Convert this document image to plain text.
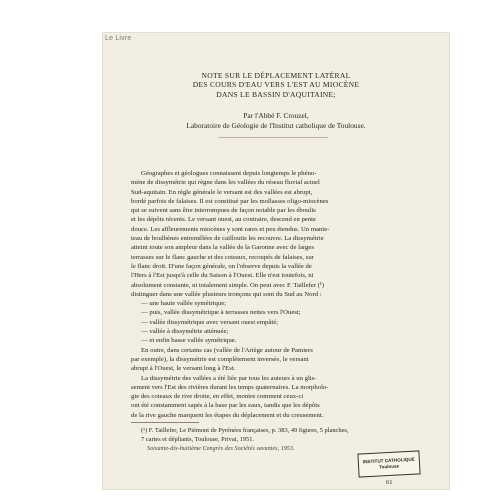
Le Livre
NOTE SUR LE DÉPLACEMENT LATÉRAL
DES COURS D'EAU VERS L'EST AU MIOCÈNE
DANS LE BASSIN D'AQUITAINE;
Par l'Abbé F. Crouzel,
Laboratoire de Géologie de l'Institut catholique de Toulouse.
Géographes et géologues connaissent depuis longtemps le phéno-
mène de dissymétrie qui règne dans les vallées du réseau fluvial actuel
Sud-aquitain. En règle générale le versant est des vallées est abrupt,
bordé parfois de falaises. Il est constitué par les mollasses oligo-miocènes
qui se suivent sans être interrompues de façon notable par les éboulis
et les dépôts récents. Le versant ouest, au contraire, descend en pente
douce. Les affleurements miocènes y sont rares et peu étendus. Un mante-
teau de boulbènes entremêlées de cailloutis les recouvre. La dissymétrie
atteint toute son ampleur dans la vallée de la Garonne avec de larges
terrasses sur le flanc gauche et des coteaux, recoupés de falaises, sur
le flanc droit. D'une façon générale, on l'observe depuis la vallée de
l'Hers à l'Est jusqu'à celle du Saison à l'Ouest. Elle n'est toutefois, ni
absolument constante, ni totalement simple. On peut avec F. Taillefer (¹)
distinguer dans une vallée plusieurs tronçons qui sont du Sud au Nord :
— une haute vallée symétrique;
— puis, vallée dissymétrique à terrasses nettes vers l'Ouest;
— vallée dissymétrique avec versant ouest empâté;
— vallée à dissymétrie atténuée;
— et enfin basse vallée symétrique.
En outre, dans certains cas (vallée de l'Ariège autour de Pamiers
par exemple), la dissymétrie est complètement inversée, le versant
abrupt à l'Ouest, le versant long à l'Est.
La dissymétrie des vallées a été liée par tous les auteurs à un glis-
sement vers l'Est des rivières durant les temps quaternaires. La morpholo-
gie des coteaux de rive droite, en effet, montre comment ceux-ci
ont été constamment sapés à la base par les eaux, tandis que les dépôts
de la rive gauche marquent les étapes du déplacement et du creusement.
(¹) F. Taillefer, Le Piémont de Pyrénées françaises, p. 383, 49 figures, 5 planches,
7 cartes et dépliants, Toulouse, Privat, 1951.
Soixante-dix-huitième Congrès des Sociétés savantes, 1953.
INSTITUT CATHOLIQUE
Toulouse
61
